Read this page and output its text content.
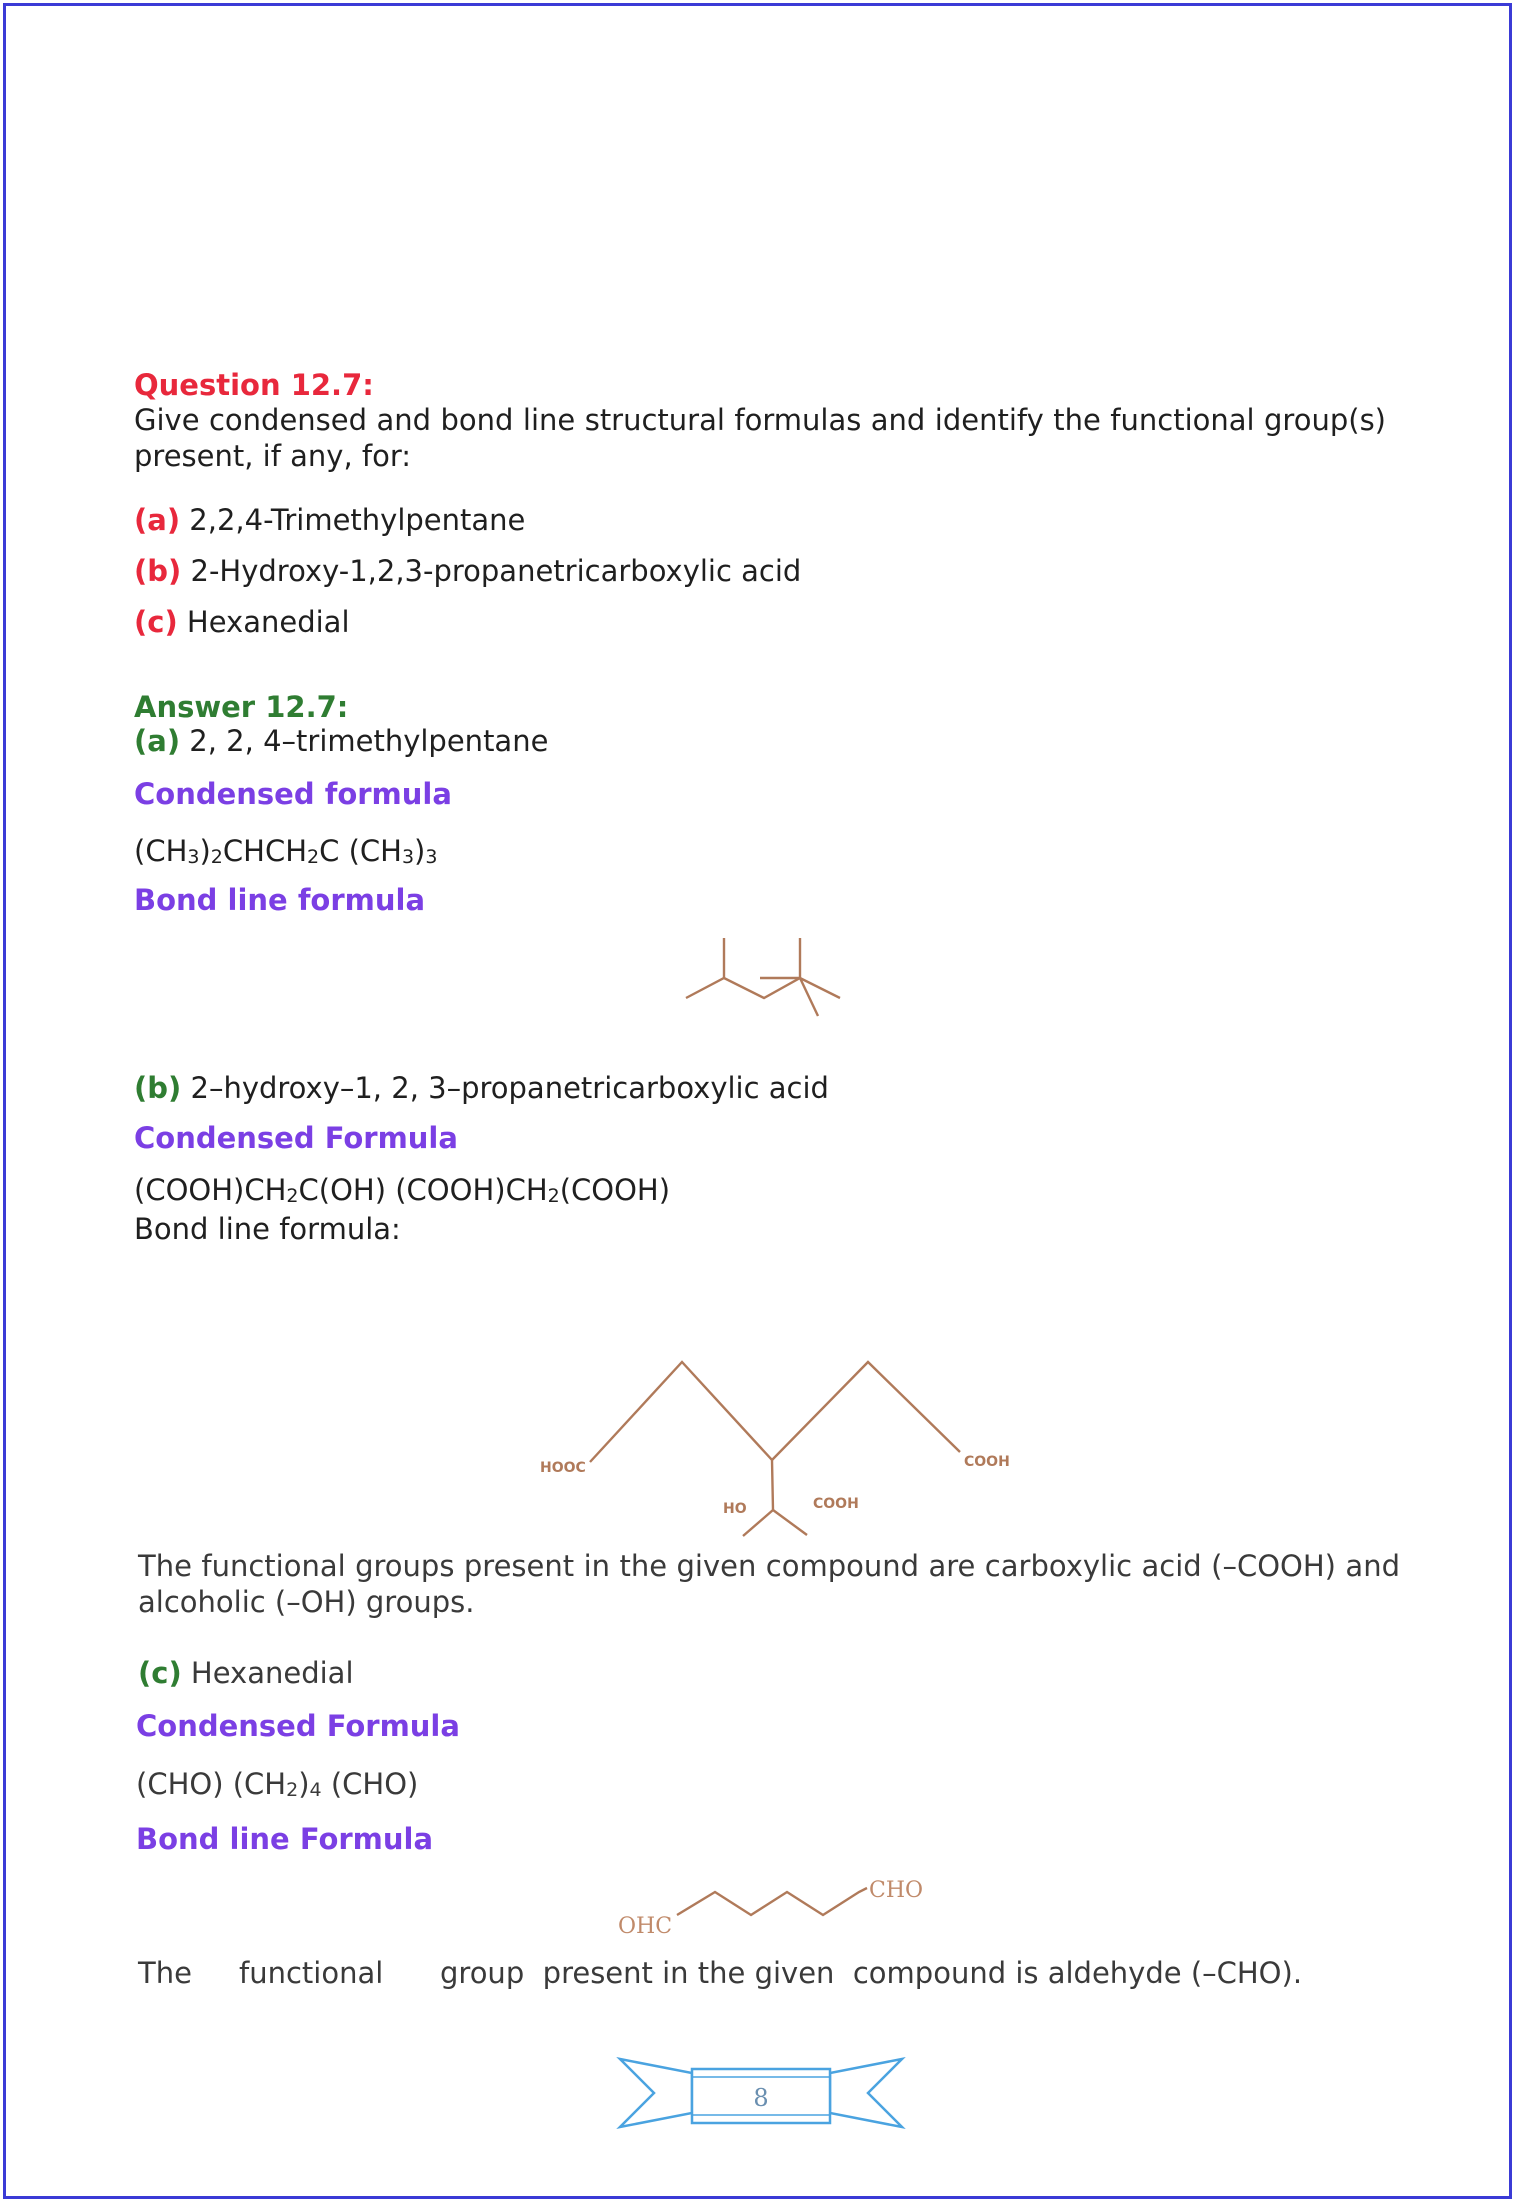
Question 12.7:
Give condensed and bond line structural formulas and identify the functional group(s) present, if any, for:
(a) 2,2,4-Trimethylpentane
(b) 2-Hydroxy-1,2,3-propanetricarboxylic acid
(c) Hexanedial
Answer 12.7:
(a) 2, 2, 4–trimethylpentane
Condensed formula
$(CH_3)_2CHCH_2C$ $(CH_3)_3$
Bond line formula
(b) 2–hydroxy–1, 2, 3–propanetricarboxylic acid
Condensed Formula
$(COOH)CH_2C(OH)$ $(COOH)CH_2(COOH)$
Bond line formula:
HOOC	COOH
HO	COOH
The functional groups present in the given compound are carboxylic acid (–COOH) and alcoholic (–OH) groups.
(c) Hexanedial
Condensed Formula
(CHO) $(CH_2)_4$ (CHO)
Bond line Formula
OHC
CHO
The functional group  present in the given  compound is aldehyde (–CHO).
8
